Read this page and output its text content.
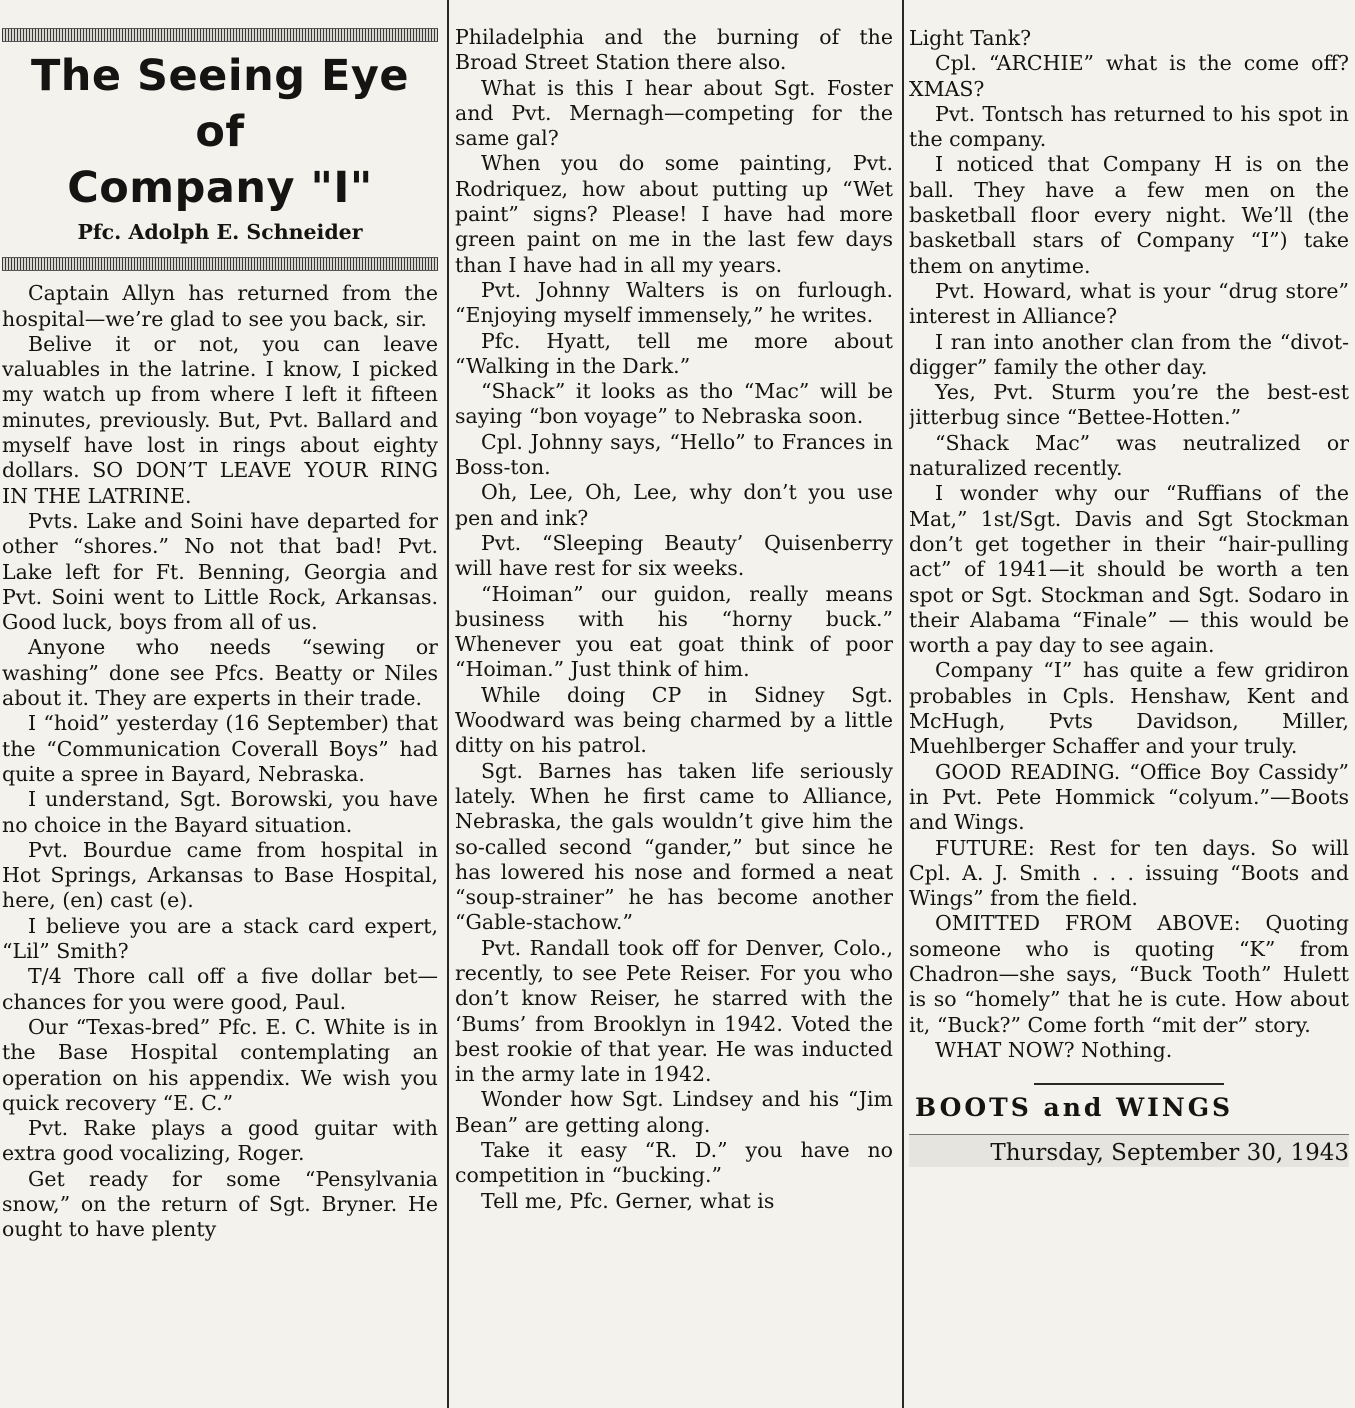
The Seeing Eye of
Company "I"
Pfc. Adolph E. Schneider

Captain Allyn has returned from the hospital—we’re glad to see you back, sir.

Belive it or not, you can leave valuables in the latrine. I know, I picked my watch up from where I left it fifteen minutes, previously. But, Pvt. Ballard and myself have lost in rings about eighty dollars. SO DON’T LEAVE YOUR RING IN THE LATRINE.

Pvts. Lake and Soini have departed for other “shores.” No not that bad! Pvt. Lake left for Ft. Benning, Georgia and Pvt. Soini went to Little Rock, Arkansas. Good luck, boys from all of us.

Anyone who needs “sewing or washing” done see Pfcs. Beatty or Niles about it. They are experts in their trade.

I “hoid” yesterday (16 September) that the “Communication Coverall Boys” had quite a spree in Bayard, Nebraska.

I understand, Sgt. Borowski, you have no choice in the Bayard situation.

Pvt. Bourdue came from hospital in Hot Springs, Arkansas to Base Hospital, here, (en) cast (e).

I believe you are a stack card expert, “Lil” Smith?

T/4 Thore call off a five dollar bet—chances for you were good, Paul.

Our “Texas-bred” Pfc. E. C. White is in the Base Hospital contemplating an operation on his appendix. We wish you quick recovery “E. C.”

Pvt. Rake plays a good guitar with extra good vocalizing, Roger.

Get ready for some “Pensylvania snow,” on the return of Sgt. Bryner. He ought to have plenty

Philadelphia and the burning of the Broad Street Station there also.

What is this I hear about Sgt. Foster and Pvt. Mernagh—competing for the same gal?

When you do some painting, Pvt. Rodriquez, how about putting up “Wet paint” signs? Please! I have had more green paint on me in the last few days than I have had in all my years.

Pvt. Johnny Walters is on furlough. “Enjoying myself immensely,” he writes.

Pfc. Hyatt, tell me more about “Walking in the Dark.”

“Shack” it looks as tho “Mac” will be saying “bon voyage” to Nebraska soon.

Cpl. Johnny says, “Hello” to Frances in Boss-ton.

Oh, Lee, Oh, Lee, why don’t you use pen and ink?

Pvt. “Sleeping Beauty’ Quisenberry will have rest for six weeks.

“Hoiman” our guidon, really means business with his “horny buck.” Whenever you eat goat think of poor “Hoiman.” Just think of him.

While doing CP in Sidney Sgt. Woodward was being charmed by a little ditty on his patrol.

Sgt. Barnes has taken life seriously lately. When he first came to Alliance, Nebraska, the gals wouldn’t give him the so-called second “gander,” but since he has lowered his nose and formed a neat “soup-strainer” he has become another “Gable-stachow.”

Pvt. Randall took off for Denver, Colo., recently, to see Pete Reiser. For you who don’t know Reiser, he starred with the ‘Bums’ from Brooklyn in 1942. Voted the best rookie of that year. He was inducted in the army late in 1942.

Wonder how Sgt. Lindsey and his “Jim Bean” are getting along.

Take it easy “R. D.” you have no competition in “bucking.”

Tell me, Pfc. Gerner, what is

Light Tank?

Cpl. “ARCHIE” what is the come off? XMAS?

Pvt. Tontsch has returned to his spot in the company.

I noticed that Company H is on the ball. They have a few men on the basketball floor every night. We’ll (the basketball stars of Company “I”) take them on anytime.

Pvt. Howard, what is your “drug store” interest in Alliance?

I ran into another clan from the “divot-digger” family the other day.

Yes, Pvt. Sturm you’re the best-est jitterbug since “Bettee-Hotten.”

“Shack Mac” was neutralized or naturalized recently.

I wonder why our “Ruffians of the Mat,” 1st/Sgt. Davis and Sgt Stockman don’t get together in their “hair-pulling act” of 1941—it should be worth a ten spot or Sgt. Stockman and Sgt. Sodaro in their Alabama “Finale” — this would be worth a pay day to see again.

Company “I” has quite a few gridiron probables in Cpls. Henshaw, Kent and McHugh, Pvts Davidson, Miller, Muehlberger Schaffer and your truly.

GOOD READING. “Office Boy Cassidy” in Pvt. Pete Hommick “colyum.”—Boots and Wings.

FUTURE: Rest for ten days. So will Cpl. A. J. Smith . . . issuing “Boots and Wings” from the field.

OMITTED FROM ABOVE: Quoting someone who is quoting “K” from Chadron—she says, “Buck Tooth” Hulett is so “homely” that he is cute. How about it, “Buck?” Come forth “mit der” story.

WHAT NOW? Nothing.

BOOTS and WINGS
Thursday, September 30, 1943
